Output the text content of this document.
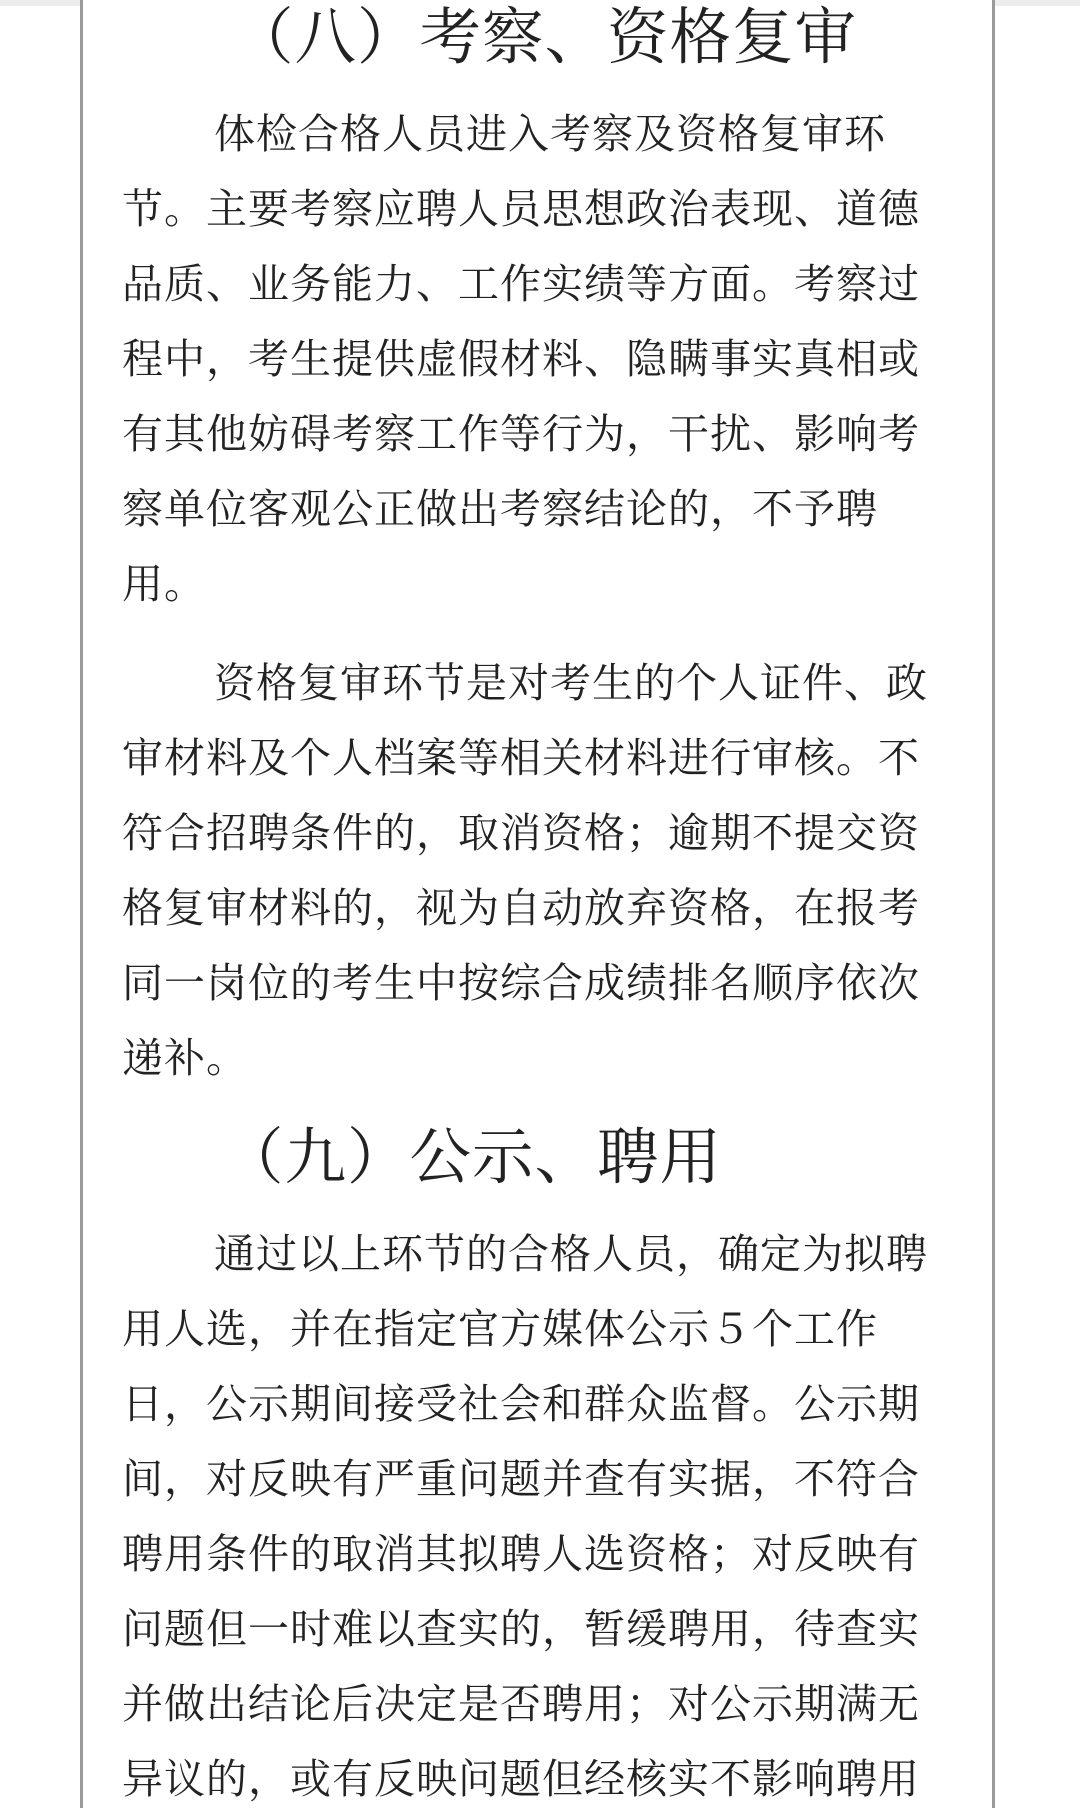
（八）考察、资格复审
体检合格人员进入考察及资格复审环
节。主要考察应聘人员思想政治表现、道德
品质、业务能力、工作实绩等方面。考察过
程中，考生提供虚假材料、隐瞒事实真相或
有其他妨碍考察工作等行为，干扰、影响考
察单位客观公正做出考察结论的，不予聘
用。
资格复审环节是对考生的个人证件、政
审材料及个人档案等相关材料进行审核。不
符合招聘条件的，取消资格；逾期不提交资
格复审材料的，视为自动放弃资格，在报考
同一岗位的考生中按综合成绩排名顺序依次
递补。
（九）公示、聘用
通过以上环节的合格人员，确定为拟聘
用人选，并在指定官方媒体公示５个工作
日，公示期间接受社会和群众监督。公示期
间，对反映有严重问题并查有实据，不符合
聘用条件的取消其拟聘人选资格；对反映有
问题但一时难以查实的，暂缓聘用，待查实
并做出结论后决定是否聘用；对公示期满无
异议的，或有反映问题但经核实不影响聘用
